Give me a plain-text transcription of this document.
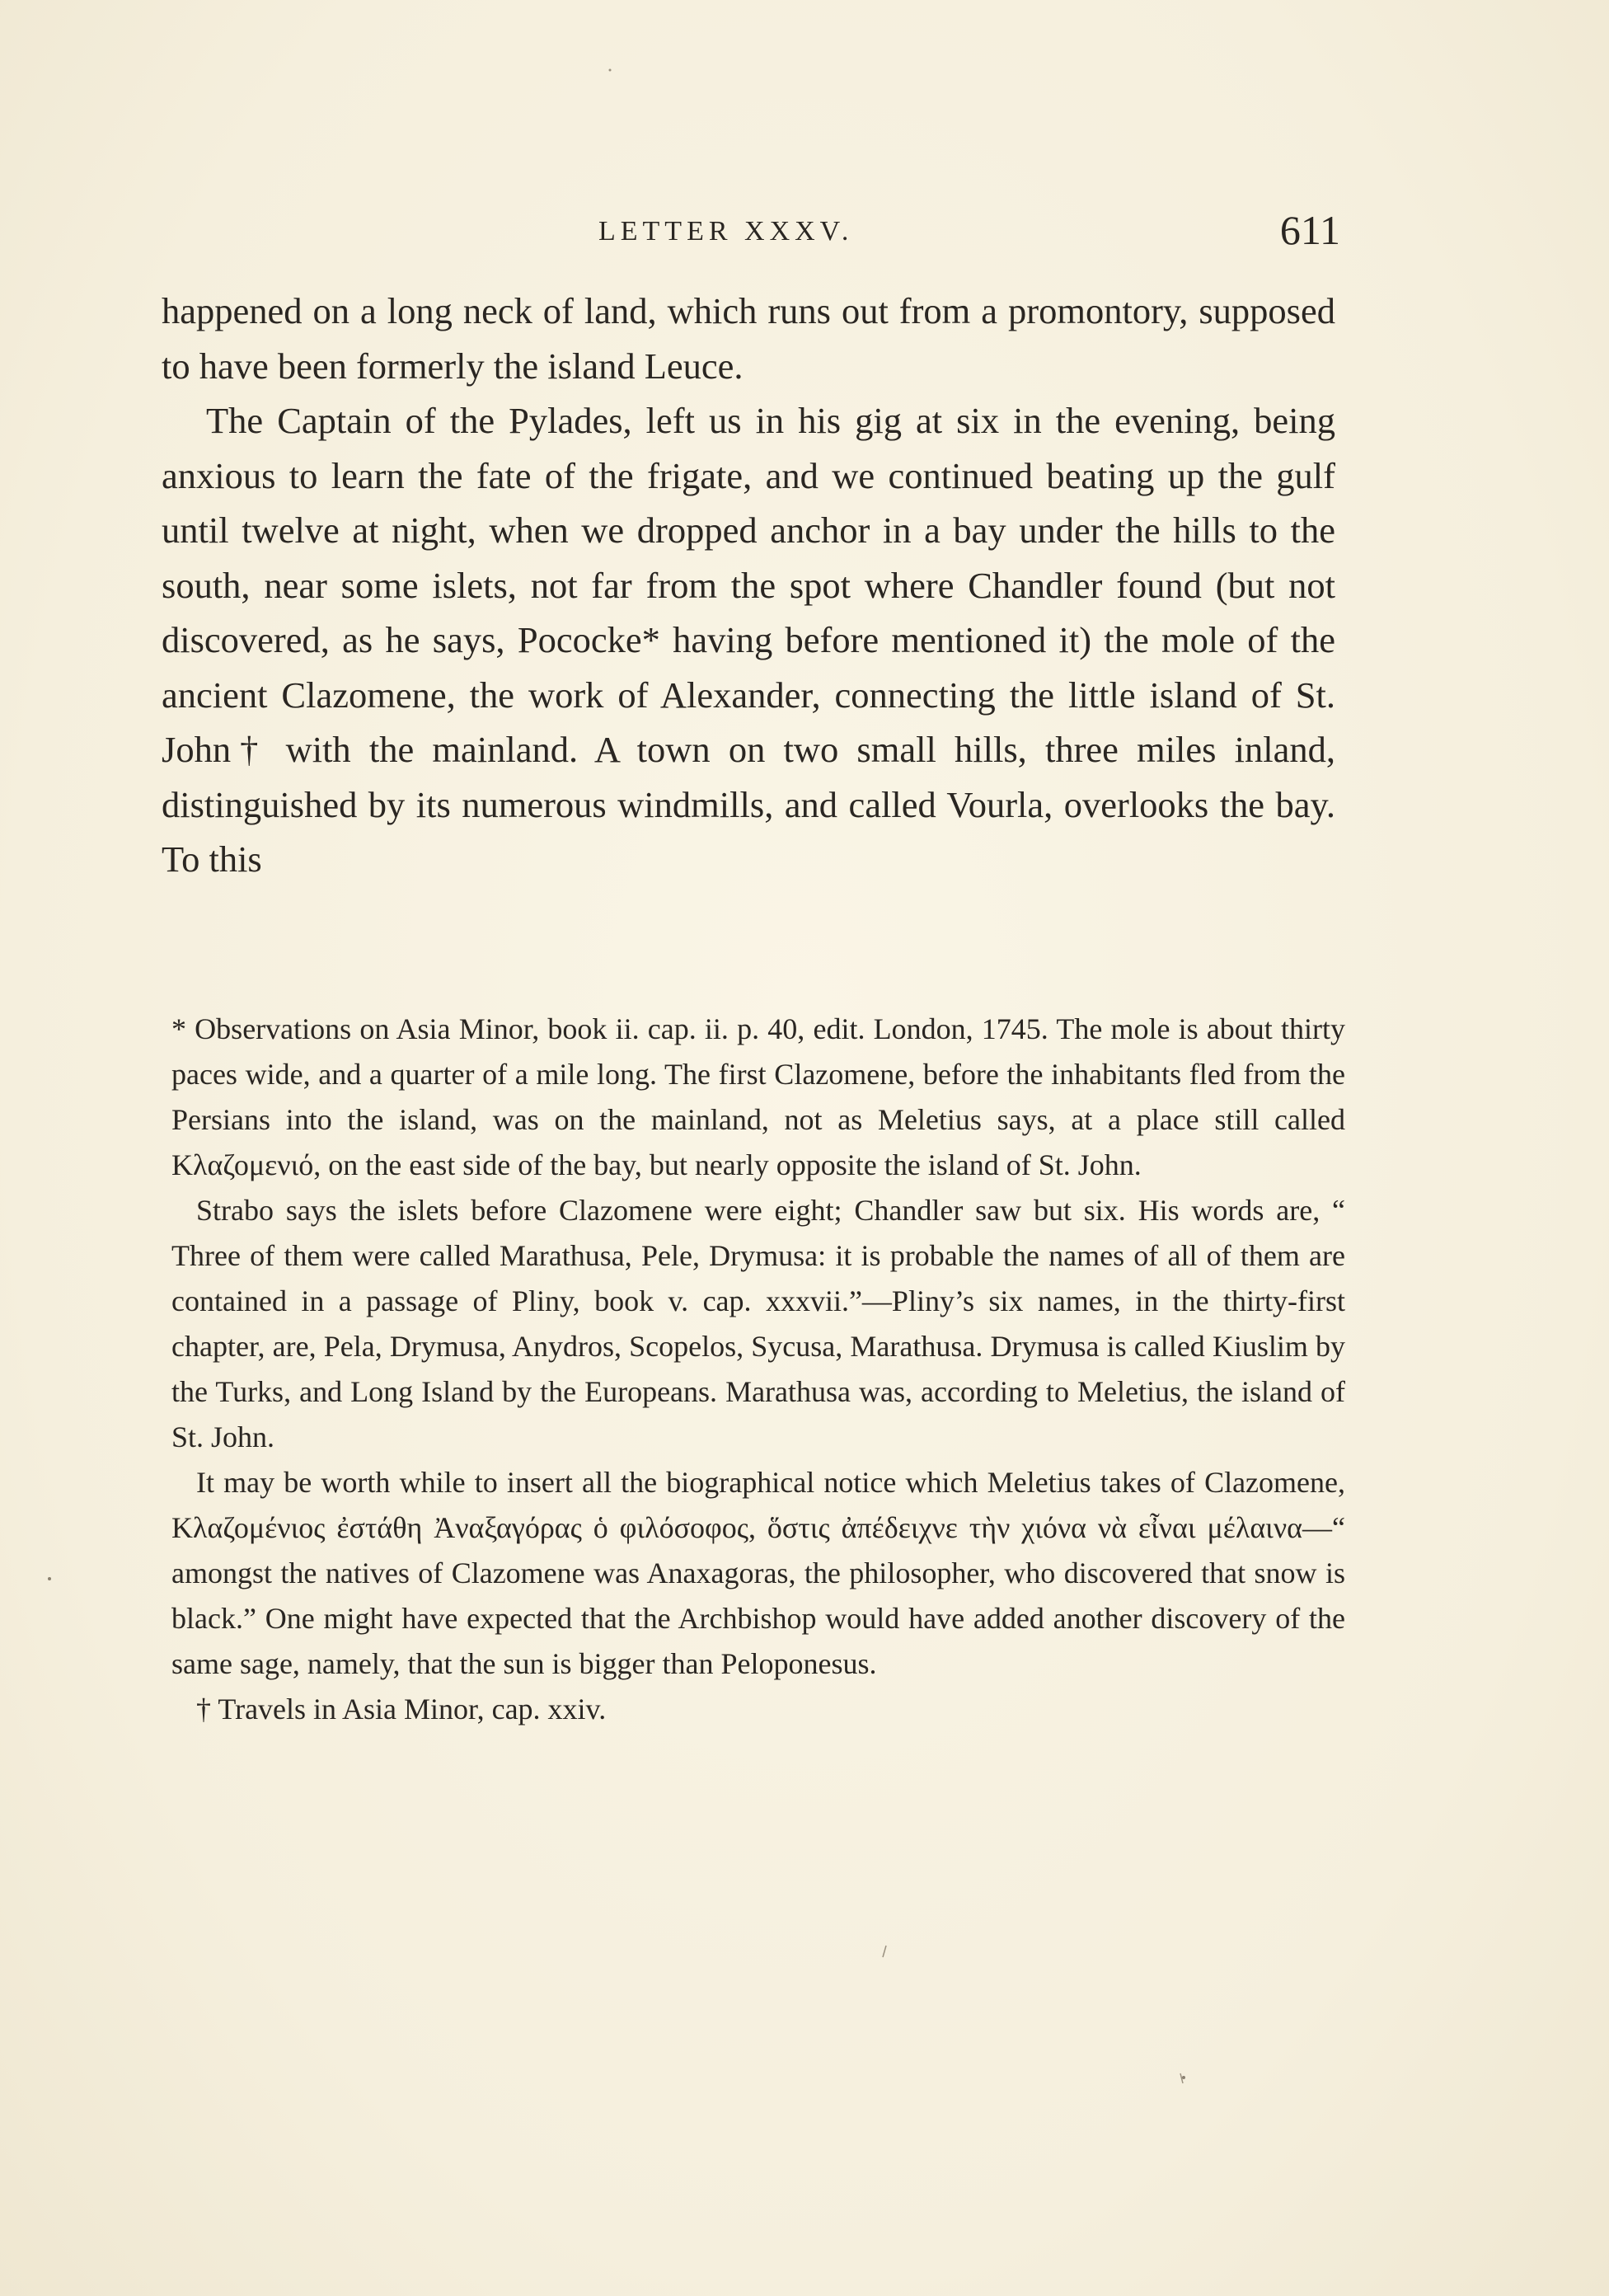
LETTER XXXV.	611

happened on a long neck of land, which runs out from a promontory, supposed to have been formerly the island Leuce.

The Captain of the Pylades, left us in his gig at six in the evening, being anxious to learn the fate of the frigate, and we continued beating up the gulf until twelve at night, when we dropped anchor in a bay under the hills to the south, near some islets, not far from the spot where Chandler found (but not discovered, as he says, Pococke* having before mentioned it) the mole of the ancient Clazomene, the work of Alexander, connecting the little island of St. John† with the mainland. A town on two small hills, three miles inland, distinguished by its numerous windmills, and called Vourla, overlooks the bay. To this

* Observations on Asia Minor, book ii. cap. ii. p. 40, edit. London, 1745. The mole is about thirty paces wide, and a quarter of a mile long. The first Clazomene, before the inhabitants fled from the Persians into the island, was on the mainland, not as Meletius says, at a place still called Κλαζομενιό, on the east side of the bay, but nearly opposite the island of St. John.

Strabo says the islets before Clazomene were eight; Chandler saw but six. His words are, “ Three of them were called Marathusa, Pele, Drymusa: it is probable the names of all of them are contained in a passage of Pliny, book v. cap. xxxvii.”—Pliny’s six names, in the thirty-first chapter, are, Pela, Drymusa, Anydros, Scopelos, Sycusa, Marathusa. Drymusa is called Kiuslim by the Turks, and Long Island by the Europeans. Marathusa was, according to Meletius, the island of St. John.

It may be worth while to insert all the biographical notice which Meletius takes of Clazomene, Κλαζομένιος ἐστάθη Ἀναξαγόρας ὁ φιλόσοφος, ὅστις ἀπέδειχνε τὴν χιόνα νὰ εἶναι μέλαινα—“ amongst the natives of Clazomene was Anaxagoras, the philosopher, who discovered that snow is black.” One might have expected that the Archbishop would have added another discovery of the same sage, namely, that the sun is bigger than Peloponesus.

† Travels in Asia Minor, cap. xxiv.
